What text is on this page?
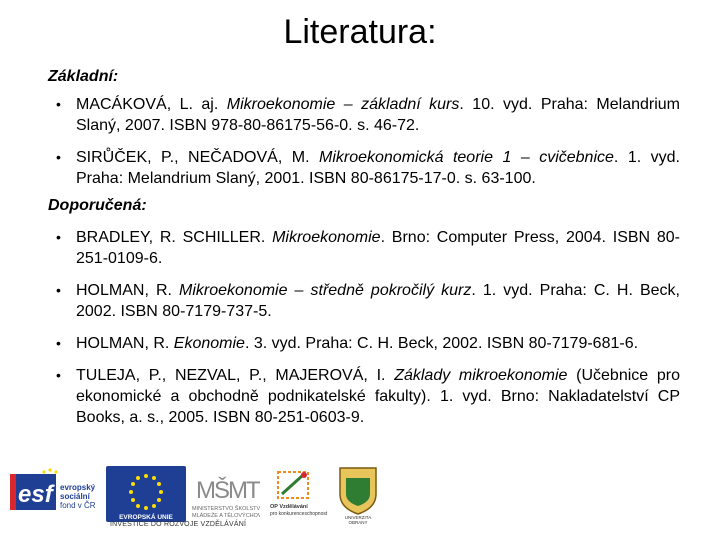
Literatura:
Základní:
• MACÁKOVÁ, L. aj. Mikroekonomie – základní kurs. 10. vyd. Praha: Melandrium Slaný, 2007. ISBN 978-80-86175-56-0. s. 46-72.
• SIRŮČEK, P., NEČADOVÁ, M. Mikroekonomická teorie 1 – cvičebnice. 1. vyd. Praha: Melandrium Slaný, 2001. ISBN 80-86175-17-0. s. 63-100.
Doporučená:
• BRADLEY, R. SCHILLER. Mikroekonomie. Brno: Computer Press, 2004. ISBN 80-251-0109-6.
• HOLMAN, R. Mikroekonomie – středně pokročilý kurz. 1. vyd. Praha: C. H. Beck, 2002. ISBN 80-7179-737-5.
• HOLMAN, R. Ekonomie. 3. vyd. Praha: C. H. Beck, 2002. ISBN 80-7179-681-6.
• TULEJA, P., NEZVAL, P., MAJEROVÁ, I. Základy mikroekonomie (Učebnice pro ekonomické a obchodně podnikatelské fakulty). 1. vyd. Brno: Nakladatelství CP Books, a. s., 2005. ISBN 80-251-0603-9.
esf evropský
sociální
fond v ČR
EVROPSKÁ UNIE
MŠMT
MINISTERSTVO ŠKOLSTVÍ,
MLÁDEŽE A TĚLOVÝCHOVY
OP Vzdělávání
pro konkurenceschopnost
UNIVERZITA
OBRANY
INVESTICE DO ROZVOJE VZDĚLÁVÁNÍ
